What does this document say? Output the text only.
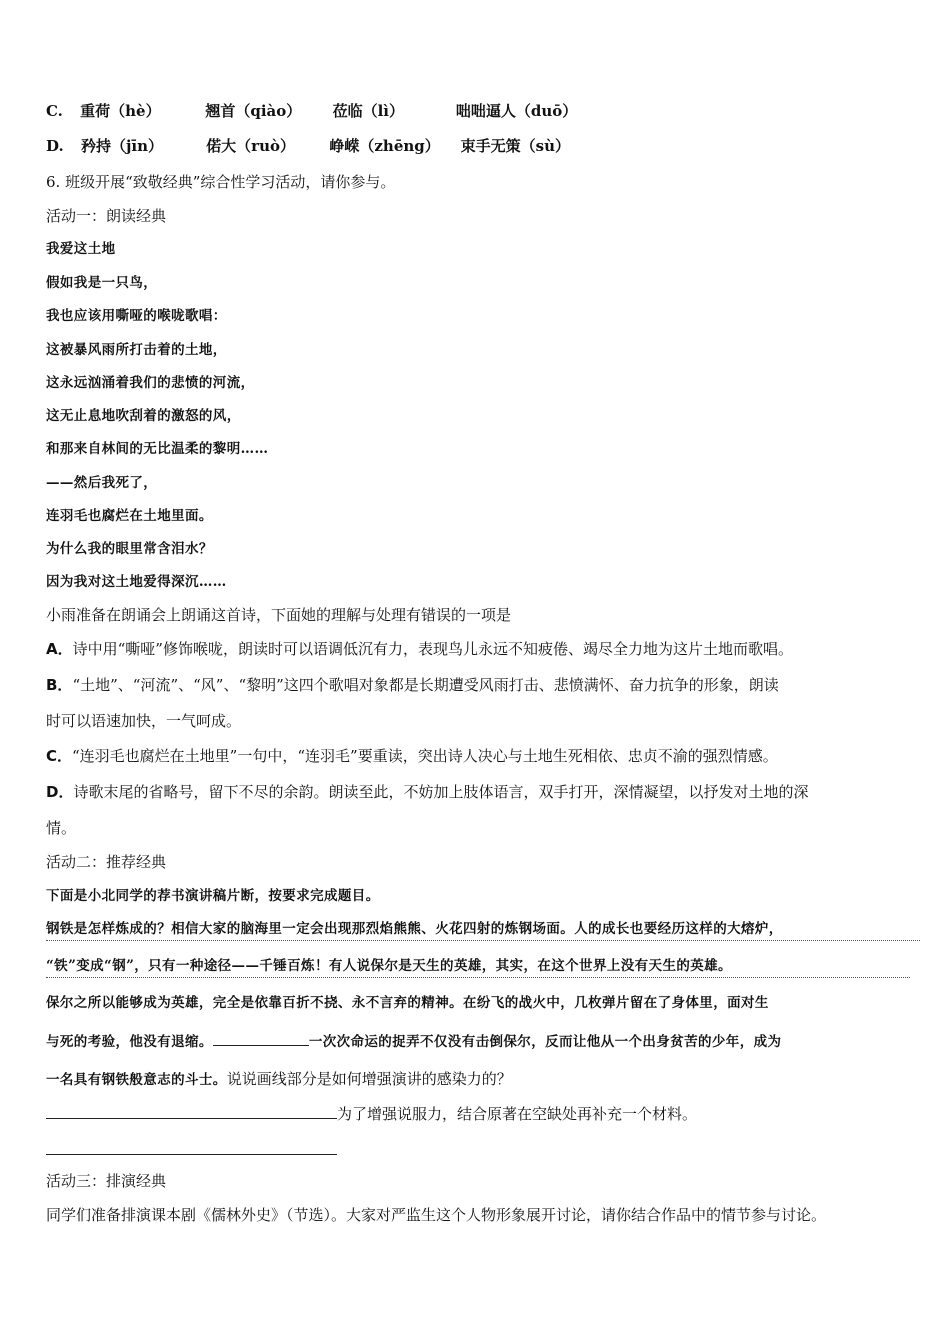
C. 重荷（hè）	翘首（qiào） 莅临（lì）	咄咄逼人（duō）
D. 矜持（jīn）	偌大（ruò） 峥嵘（zhēng） 束手无策（sù）
6. 班级开展“致敬经典”综合性学习活动，请你参与。
活动一：朗读经典
我爱这土地
假如我是一只鸟，
我也应该用嘶哑的喉咙歌唱：
这被暴风雨所打击着的土地，
这永远汹涌着我们的悲愤的河流，
这无止息地吹刮着的激怒的风，
和那来自林间的无比温柔的黎明……
——然后我死了，
连羽毛也腐烂在土地里面。
为什么我的眼里常含泪水？
因为我对这土地爱得深沉……
小雨准备在朗诵会上朗诵这首诗，下面她的理解与处理有错误的一项是
A．诗中用“嘶哑”修饰喉咙，朗读时可以语调低沉有力，表现鸟儿永远不知疲倦、竭尽全力地为这片土地而歌唱。
B．“土地”、“河流”、“风”、“黎明”这四个歌唱对象都是长期遭受风雨打击、悲愤满怀、奋力抗争的形象，朗读
时可以语速加快，一气呵成。
C．“连羽毛也腐烂在土地里”一句中，“连羽毛”要重读，突出诗人决心与土地生死相依、忠贞不渝的强烈情感。
D．诗歌末尾的省略号，留下不尽的余韵。朗读至此，不妨加上肢体语言，双手打开，深情凝望，以抒发对土地的深
情。
活动二：推荐经典
下面是小北同学的荐书演讲稿片断，按要求完成题目。
钢铁是怎样炼成的？相信大家的脑海里一定会出现那烈焰熊熊、火花四射的炼钢场面。人的成长也要经历这样的大熔炉，
“铁”变成“钢”，只有一种途径——千锤百炼！有人说保尔是天生的英雄，其实，在这个世界上没有天生的英雄。
保尔之所以能够成为英雄，完全是依靠百折不挠、永不言弃的精神。在纷飞的战火中，几枚弹片留在了身体里，面对生
与死的考验，他没有退缩。	一次次命运的捉弄不仅没有击倒保尔，反而让他从一个出身贫苦的少年，成为
一名具有钢铁般意志的斗士。说说画线部分是如何增强演讲的感染力的？
为了增强说服力，结合原著在空缺处再补充一个材料。
活动三：排演经典
同学们准备排演课本剧《儒林外史》（节选）。大家对严监生这个人物形象展开讨论，请你结合作品中的情节参与讨论。
